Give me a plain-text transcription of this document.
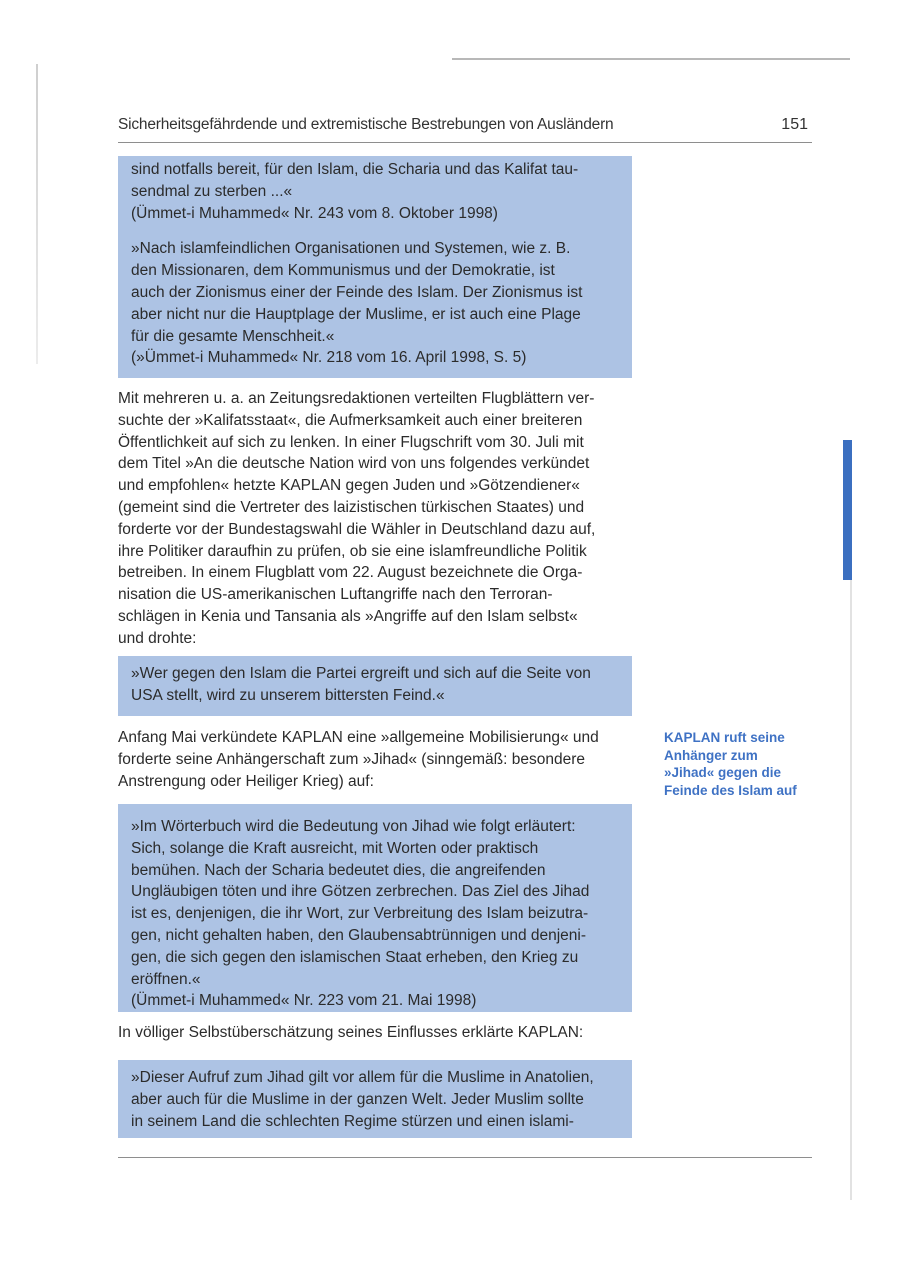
Sicherheitsgefährdende und extremistische Bestrebungen von Ausländern	151

sind notfalls bereit, für den Islam, die Scharia und das Kalifat tau-

sendmal zu sterben ...«

(Ümmet-i Muhammed« Nr. 243 vom 8. Oktober 1998)

»Nach islamfeindlichen Organisationen und Systemen, wie z. B.

den Missionaren, dem Kommunismus und der Demokratie, ist

auch der Zionismus einer der Feinde des Islam. Der Zionismus ist

aber nicht nur die Hauptplage der Muslime, er ist auch eine Plage

für die gesamte Menschheit.«

(»Ümmet-i Muhammed« Nr. 218 vom 16. April 1998, S. 5)

Mit mehreren u. a. an Zeitungsredaktionen verteilten Flugblättern ver-

suchte der »Kalifatsstaat«, die Aufmerksamkeit auch einer breiteren

Öffentlichkeit auf sich zu lenken. In einer Flugschrift vom 30. Juli mit

dem Titel »An die deutsche Nation wird von uns folgendes verkündet

und empfohlen« hetzte KAPLAN gegen Juden und »Götzendiener«

(gemeint sind die Vertreter des laizistischen türkischen Staates) und

forderte vor der Bundestagswahl die Wähler in Deutschland dazu auf,

ihre Politiker daraufhin zu prüfen, ob sie eine islamfreundliche Politik

betreiben. In einem Flugblatt vom 22. August bezeichnete die Orga-

nisation die US-amerikanischen Luftangriffe nach den Terroran-

schlägen in Kenia und Tansania als »Angriffe auf den Islam selbst«

und drohte:

»Wer gegen den Islam die Partei ergreift und sich auf die Seite von

USA stellt, wird zu unserem bittersten Feind.«

Anfang Mai verkündete KAPLAN eine »allgemeine Mobilisierung« und

forderte seine Anhängerschaft zum »Jihad« (sinngemäß: besondere

Anstrengung oder Heiliger Krieg) auf:

KAPLAN ruft seine
Anhänger zum
»Jihad« gegen die
Feinde des Islam auf

»Im Wörterbuch wird die Bedeutung von Jihad wie folgt erläutert:

Sich, solange die Kraft ausreicht, mit Worten oder praktisch

bemühen. Nach der Scharia bedeutet dies, die angreifenden

Ungläubigen töten und ihre Götzen zerbrechen. Das Ziel des Jihad

ist es, denjenigen, die ihr Wort, zur Verbreitung des Islam beizutra-

gen, nicht gehalten haben, den Glaubensabtrünnigen und denjeni-

gen, die sich gegen den islamischen Staat erheben, den Krieg zu

eröffnen.«

(Ümmet-i Muhammed« Nr. 223 vom 21. Mai 1998)

In völliger Selbstüberschätzung seines Einflusses erklärte KAPLAN:

»Dieser Aufruf zum Jihad gilt vor allem für die Muslime in Anatolien,

aber auch für die Muslime in der ganzen Welt. Jeder Muslim sollte

in seinem Land die schlechten Regime stürzen und einen islami-
